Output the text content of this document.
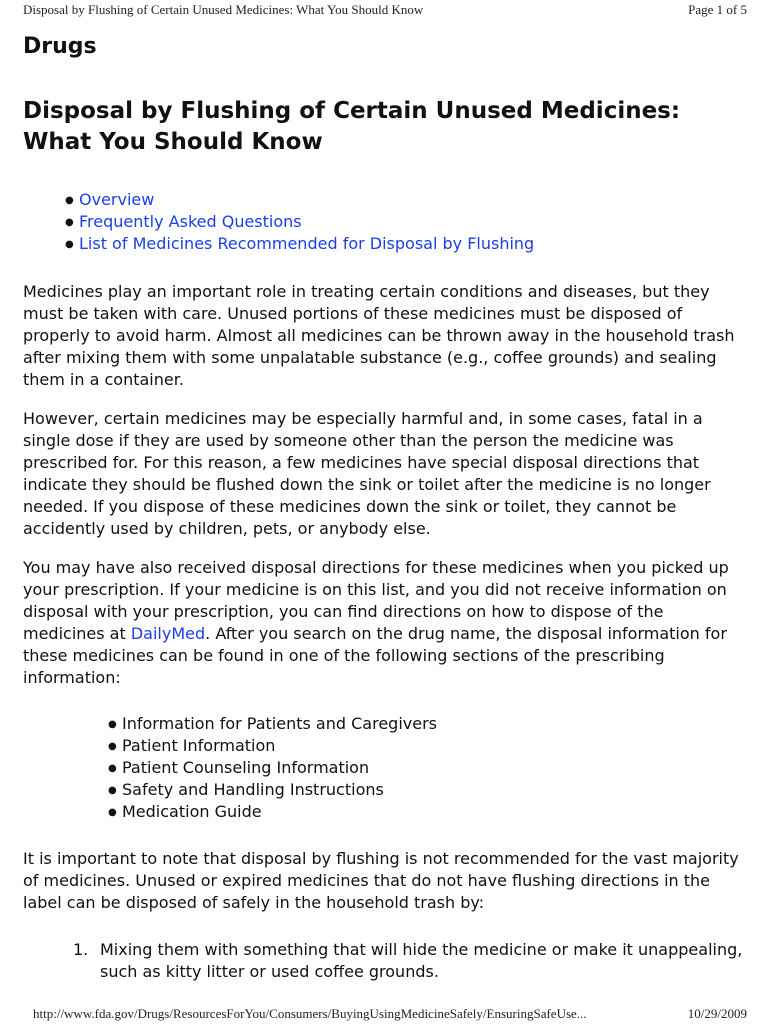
Disposal by Flushing of Certain Unused Medicines: What You Should Know	Page 1 of 5
Drugs
Disposal by Flushing of Certain Unused Medicines: What You Should Know
● Overview
● Frequently Asked Questions
● List of Medicines Recommended for Disposal by Flushing

Medicines play an important role in treating certain conditions and diseases, but they must be taken with care. Unused portions of these medicines must be disposed of properly to avoid harm. Almost all medicines can be thrown away in the household trash after mixing them with some unpalatable substance (e.g., coffee grounds) and sealing them in a container.

However, certain medicines may be especially harmful and, in some cases, fatal in a single dose if they are used by someone other than the person the medicine was prescribed for. For this reason, a few medicines have special disposal directions that indicate they should be flushed down the sink or toilet after the medicine is no longer needed. If you dispose of these medicines down the sink or toilet, they cannot be accidently used by children, pets, or anybody else.

You may have also received disposal directions for these medicines when you picked up your prescription. If your medicine is on this list, and you did not receive information on disposal with your prescription, you can find directions on how to dispose of the medicines at DailyMed. After you search on the drug name, the disposal information for these medicines can be found in one of the following sections of the prescribing information:

● Information for Patients and Caregivers
● Patient Information
● Patient Counseling Information
● Safety and Handling Instructions
● Medication Guide

It is important to note that disposal by flushing is not recommended for the vast majority of medicines. Unused or expired medicines that do not have flushing directions in the label can be disposed of safely in the household trash by:

1. Mixing them with something that will hide the medicine or make it unappealing, such as kitty litter or used coffee grounds.
http://www.fda.gov/Drugs/ResourcesForYou/Consumers/BuyingUsingMedicineSafely/EnsuringSafeUse...	10/29/2009
